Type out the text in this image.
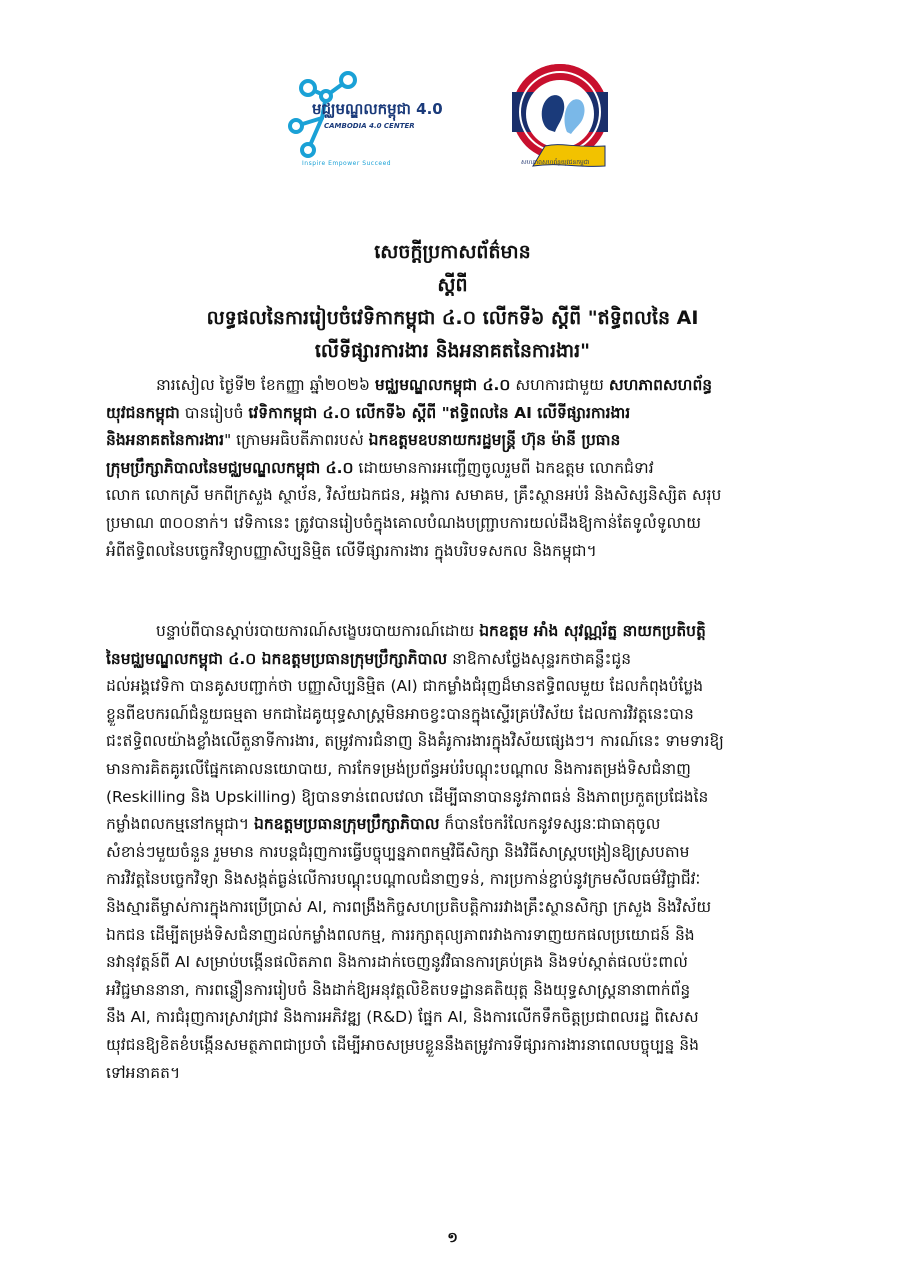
មជ្ឈមណ្ឌលកម្ពុជា 4.0
CAMBODIA 4.0 CENTER
Inspire Empower Succeed	សហភាពសហព័ន្ធយុវជនកម្ពុជា
សេចក្តីប្រកាសព័ត៌មាន
ស្តីពី
លទ្ធផលនៃការរៀបចំវេទិកាកម្ពុជា ៤.០ លើកទី៦ ស្តីពី "ឥទ្ធិពលនៃ AI
លើទីផ្សារការងារ និងអនាគតនៃការងារ"
នារសៀល ថ្ងៃទី២ ខែកញ្ញា ឆ្នាំ២០២៦ មជ្ឈមណ្ឌលកម្ពុជា ៤.០ សហការជាមួយ សហភាពសហព័ន្ធ
យុវជនកម្ពុជា បានរៀបចំ វេទិកាកម្ពុជា ៤.០ លើកទី៦ ស្តីពី "ឥទ្ធិពលនៃ AI លើទីផ្សារការងារ
និងអនាគតនៃការងារ" ក្រោមអធិបតីភាពរបស់ ឯកឧត្តមឧបនាយករដ្ឋមន្ត្រី ហ៊ុន ម៉ានី ប្រធាន
ក្រុមប្រឹក្សាភិបាលនៃមជ្ឈមណ្ឌលកម្ពុជា ៤.០ ដោយមានការអញ្ជើញចូលរួមពី ឯកឧត្តម លោកជំទាវ
លោក លោកស្រី មកពីក្រសួង ស្ថាប័ន, វិស័យឯកជន, អង្គការ សមាគម, គ្រឹះស្ថានអប់រំ និងសិស្សនិស្សិត សរុប
ប្រមាណ ៣០០នាក់។ វេទិកានេះ ត្រូវបានរៀបចំក្នុងគោលបំណងបញ្ជ្រាបការយល់ដឹងឱ្យកាន់តែទូលំទូលាយ
អំពីឥទ្ធិពលនៃបច្ចេកវិទ្យាបញ្ញាសិប្បនិម្មិត លើទីផ្សារការងារ ក្នុងបរិបទសកល និងកម្ពុជា។
បន្ទាប់ពីបានស្តាប់របាយការណ៍សង្ខេបរបាយការណ៍ដោយ ឯកឧត្តម អាំង សុវណ្ណរ័ត្ន នាយកប្រតិបត្តិ
នៃមជ្ឈមណ្ឌលកម្ពុជា ៤.០ ឯកឧត្តមប្រធានក្រុមប្រឹក្សាភិបាល នាឱកាសថ្លែងសុន្ទរកថាគន្លឹះជូន
ដល់អង្គវេទិកា បានគូសបញ្ជាក់ថា បញ្ញាសិប្បនិម្មិត (AI) ជាកម្លាំងជំរុញដ៏មានឥទ្ធិពលមួយ ដែលកំពុងបំប្លែង
ខ្លួនពីឧបករណ៍ជំនួយធម្មតា មកជាដៃគូយុទ្ធសាស្ត្រមិនអាចខ្វះបានក្នុងស្ទើរគ្រប់វិស័យ ដែលការវិវត្តនេះបាន
ជះឥទ្ធិពលយ៉ាងខ្លាំងលើតួនាទីការងារ, តម្រូវការជំនាញ និងគំរូការងារក្នុងវិស័យផ្សេងៗ។ ការណ៍នេះ ទាមទារឱ្យ
មានការគិតគូរលើផ្នែកគោលនយោបាយ, ការកែទម្រង់ប្រព័ន្ធអប់រំបណ្តុះបណ្តាល និងការតម្រង់ទិសជំនាញ
(Reskilling និង Upskilling) ឱ្យបានទាន់ពេលវេលា ដើម្បីធានាបាននូវភាពធន់ និងភាពប្រកួតប្រជែងនៃ
កម្លាំងពលកម្មនៅកម្ពុជា។ ឯកឧត្តមប្រធានក្រុមប្រឹក្សាភិបាល ក៏បានចែករំលែកនូវទស្សនៈជាធាតុចូល
សំខាន់ៗមួយចំនួន រួមមាន ការបន្តជំរុញការធ្វើបច្ចុប្បន្នភាពកម្មវិធីសិក្សា និងវិធីសាស្ត្របង្រៀនឱ្យស្របតាម
ការវិវត្តនៃបច្ចេកវិទ្យា និងសង្កត់ធ្ងន់លើការបណ្តុះបណ្តាលជំនាញទន់, ការប្រកាន់ខ្ជាប់នូវក្រមសីលធម៌វិជ្ជាជីវៈ
និងស្មារតីម្ចាស់ការក្នុងការប្រើប្រាស់ AI, ការពង្រឹងកិច្ចសហប្រតិបត្តិការរវាងគ្រឹះស្ថានសិក្សា ក្រសួង និងវិស័យ
ឯកជន ដើម្បីតម្រង់ទិសជំនាញដល់កម្លាំងពលកម្ម, ការរក្សាតុល្យភាពរវាងការទាញយកផលប្រយោជន៍ និង
នវានុវត្តន៍ពី AI សម្រាប់បង្កើនផលិតភាព និងការដាក់ចេញនូវវិធានការគ្រប់គ្រង និងទប់ស្កាត់ផលប៉ះពាល់
អវិជ្ជមាននានា, ការពន្លឿនការរៀបចំ និងដាក់ឱ្យអនុវត្តលិខិតបទដ្ឋានគតិយុត្ត និងយុទ្ធសាស្ត្រនានាពាក់ព័ន្ធ
នឹង AI, ការជំរុញការស្រាវជ្រាវ និងការអភិវឌ្ឍ (R&D) ផ្នែក AI, និងការលើកទឹកចិត្តប្រជាពលរដ្ឋ ពិសេស
យុវជនឱ្យខិតខំបង្កើនសមត្ថភាពជាប្រចាំ ដើម្បីអាចសម្របខ្លួននឹងតម្រូវការទីផ្សារការងារនាពេលបច្ចុប្បន្ន និង
ទៅអនាគត។
១
